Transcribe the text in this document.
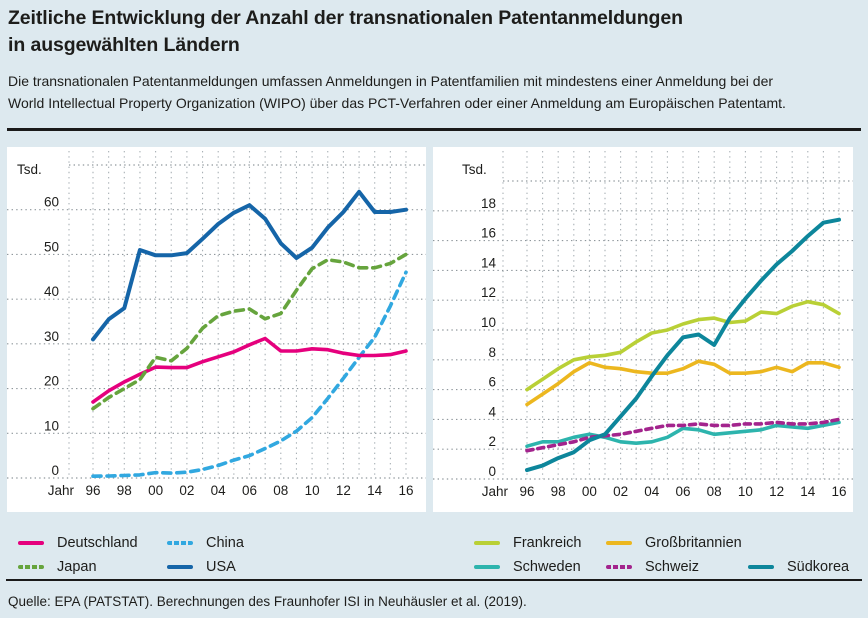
Zeitliche Entwicklung der Anzahl der transnationalen Patentanmeldungen
in ausgewählten Ländern

Die transnationalen Patentanmeldungen umfassen Anmeldungen in Patentfamilien mit mindestens einer Anmeldung bei der
World Intellectual Property Organization (WIPO) über das PCT-Verfahren oder einer Anmeldung am Europäischen Patentamt.

0
10
20
30
40
50
60
Tsd.
Jahr 96 98 00 02 04 06 08 10 12 14 16
0
2
4
6
8
10
12
14
16
18
Tsd.
Jahr 96 98 00 02 04 06 08 10 12 14 16
Deutschland	China
Japan	USA
Frankreich	Großbritannien
Schweden	Schweiz	Südkorea

Quelle: EPA (PATSTAT). Berechnungen des Fraunhofer ISI in Neuhäusler et al. (2019).
